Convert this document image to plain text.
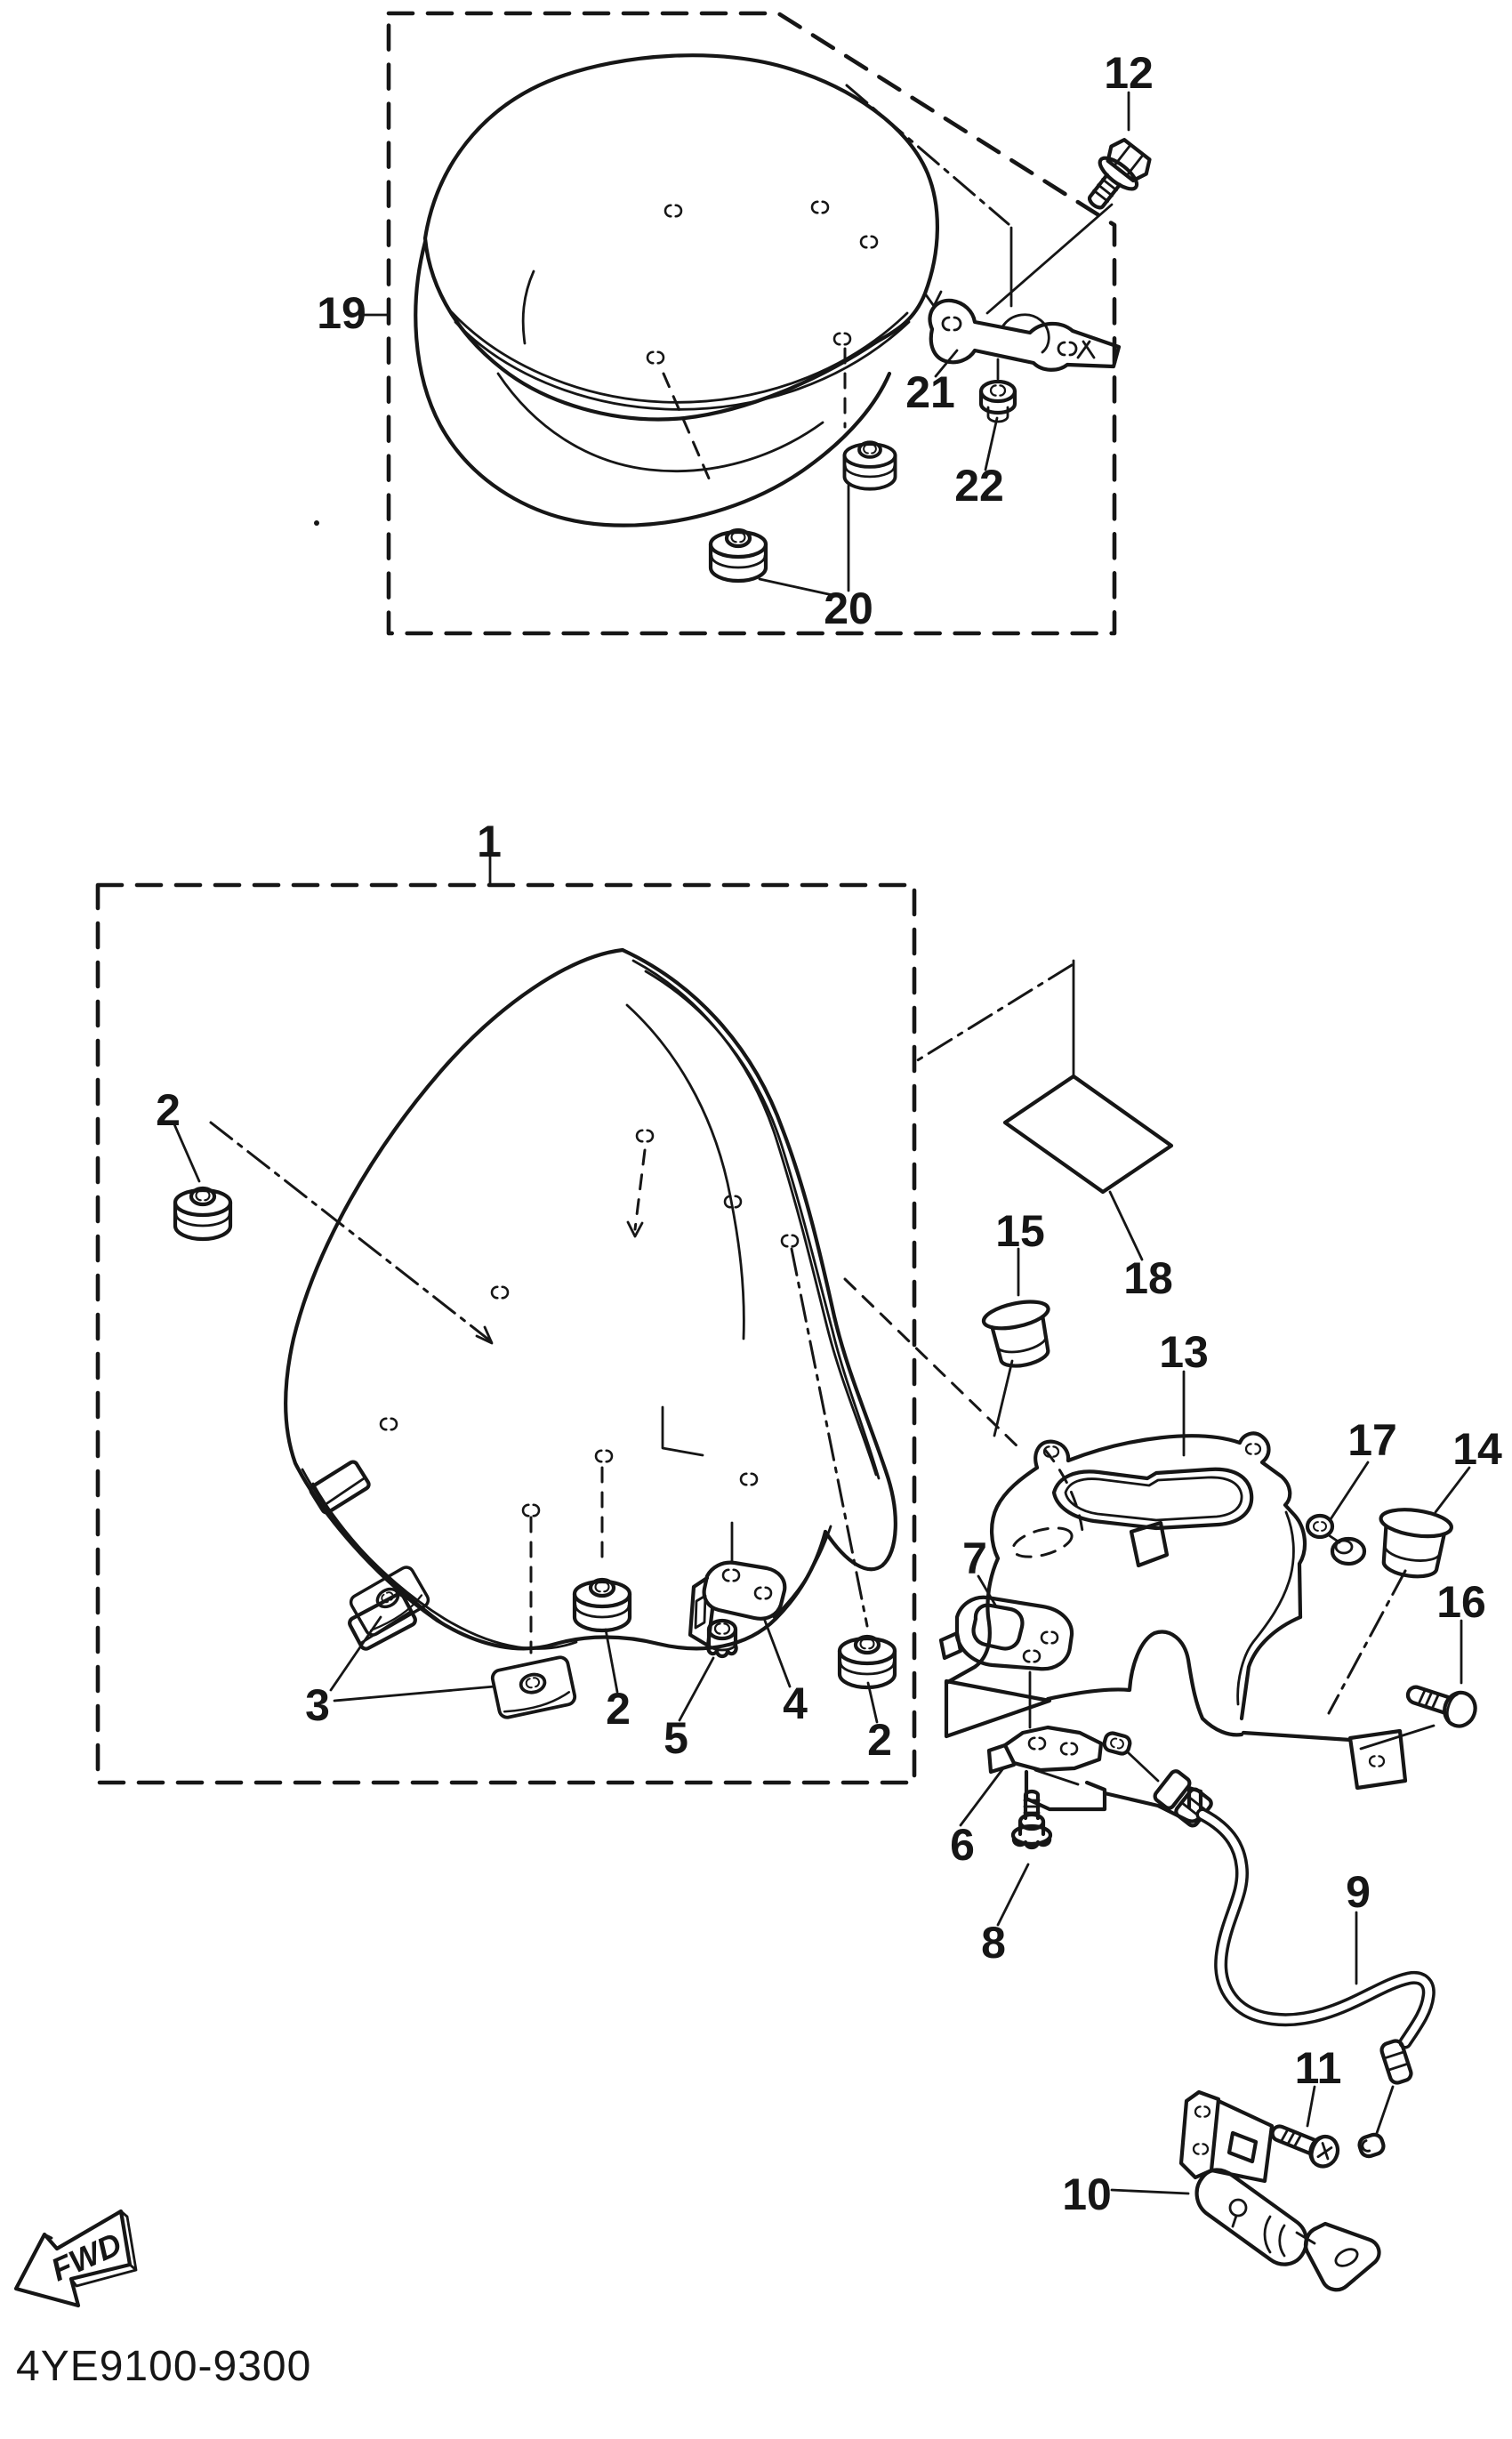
19
12
21
22
20
1
2
3	2
5
4
2
15
18
13
17 14
16
7
6
8
9
11
10
FWD
4YE9100-9300
